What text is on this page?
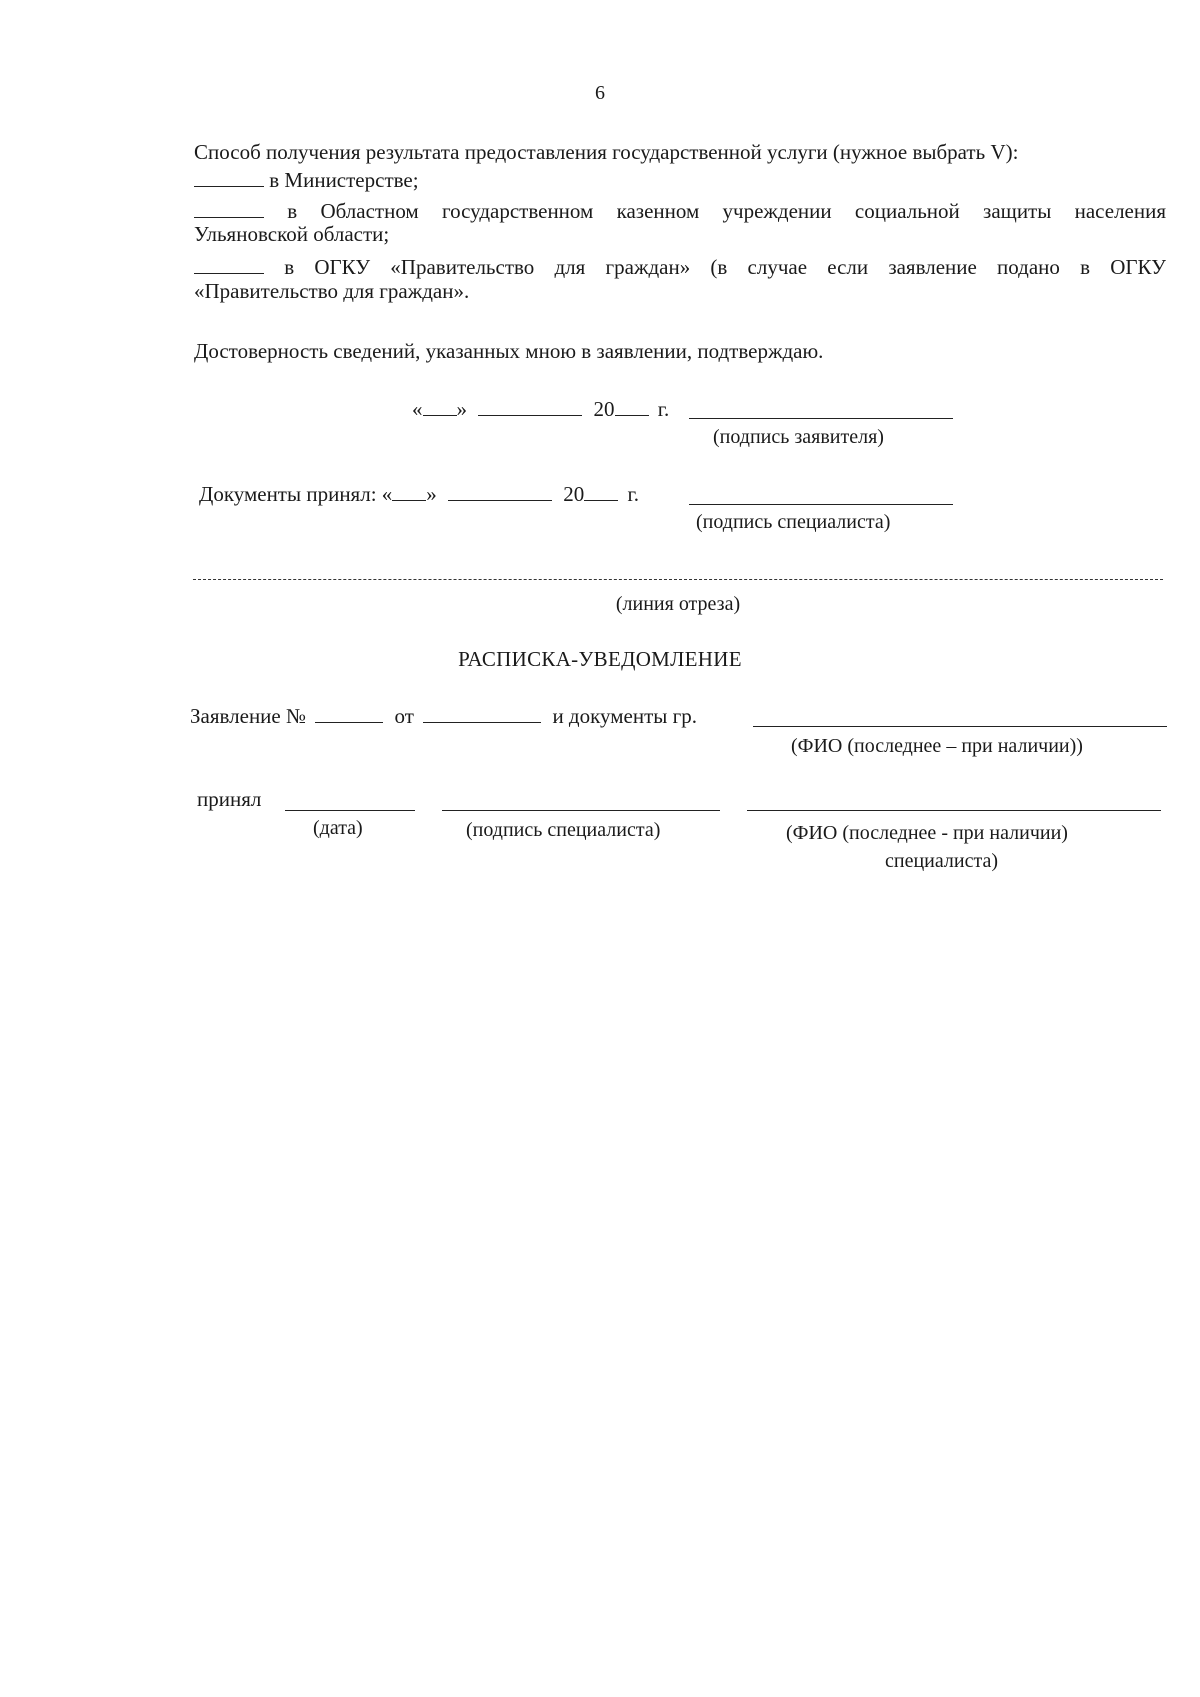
6
Способ получения результата предоставления государственной услуги (нужное выбрать V):
в Министерстве;
в Областном государственном казенном учреждении социальной защиты населения
Ульяновской области;
в ОГКУ «Правительство для граждан» (в случае если заявление подано в ОГКУ
«Правительство для граждан».
Достоверность сведений, указанных мною в заявлении, подтверждаю.
« »	20 г.
(подпись заявителя)
Документы принял: « »	20 г.
(подпись специалиста)
(линия отреза)
РАСПИСКА-УВЕДОМЛЕНИЕ
Заявление №	от	и документы гр.
(ФИО (последнее – при наличии))
принял
(дата)	(подпись специалиста)	(ФИО (последнее - при наличии)
специалиста)
